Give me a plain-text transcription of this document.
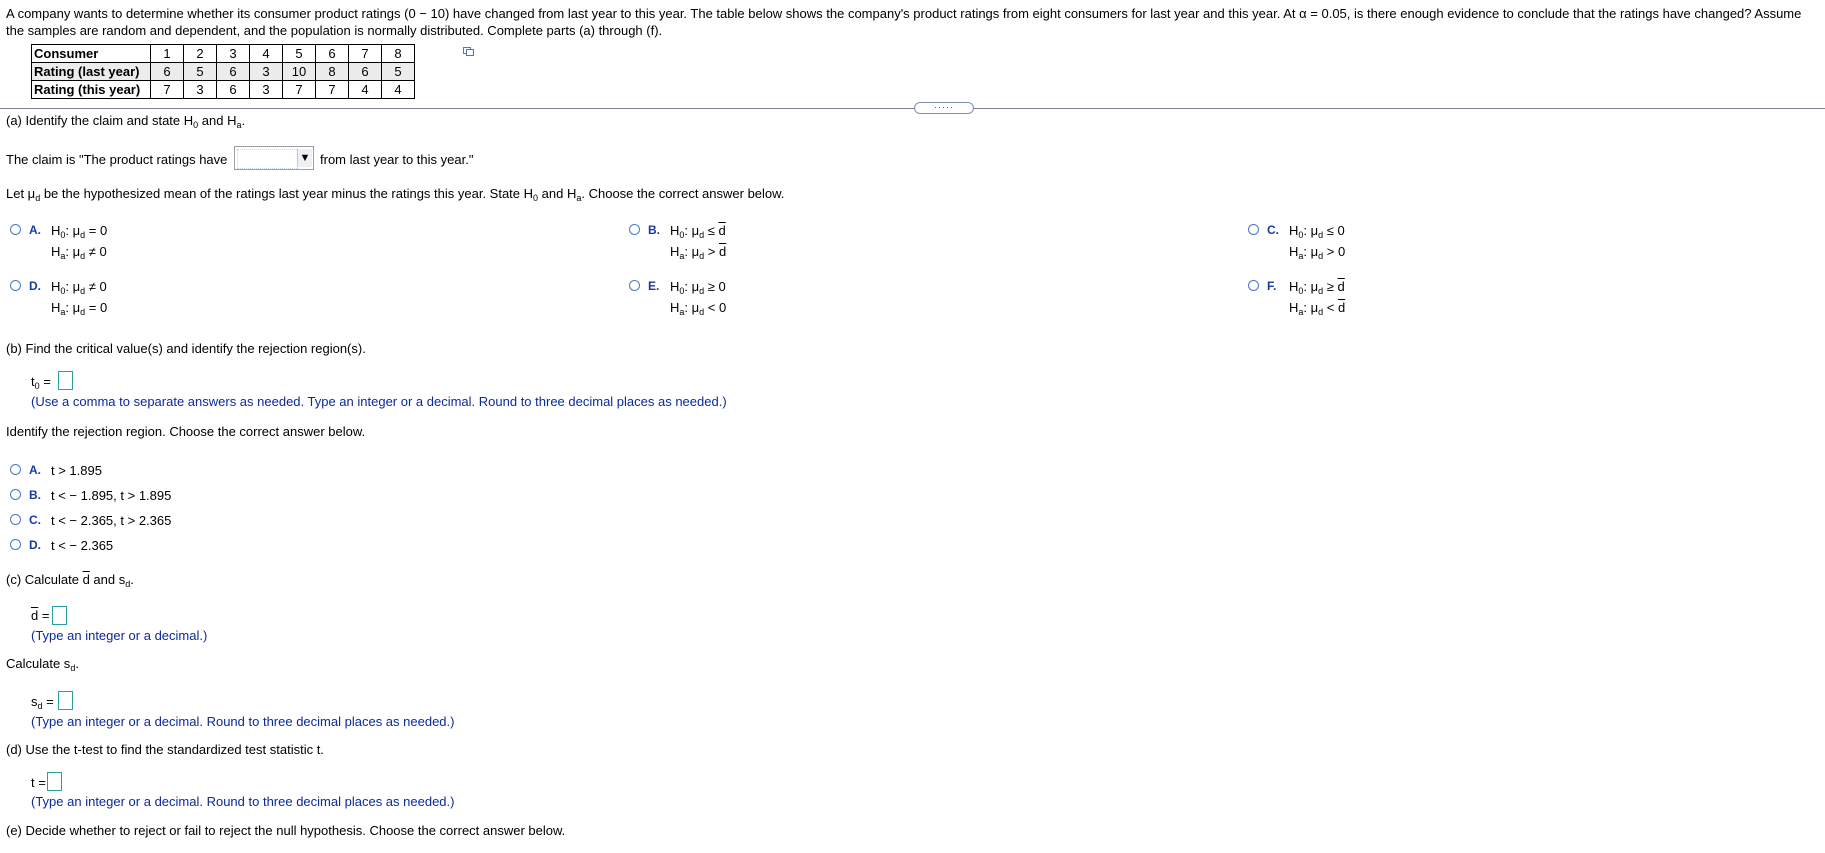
A company wants to determine whether its consumer product ratings (0 − 10) have changed from last year to this year. The table below shows the company's product ratings from eight consumers for last year and this year. At α = 0.05, is there enough evidence to conclude that the ratings have changed? Assume the samples are random and dependent, and the population is normally distributed. Complete parts (a) through (f).
Consumer	1	2	3	4	5	6	7	8
Rating (last year)	6	5	6	3	10	8	6	5
Rating (this year)	7	3	6	3	7	7	4	4
·····
(a) Identify the claim and state $H_0$ and $H_a$.
The claim is "The product ratings have	▼ from last year to this year."
Let $\mu_d$ be the hypothesized mean of the ratings last year minus the ratings this year. State $H_0$ and $H_a$. Choose the correct answer below.
A. $H_0$: $\mu_d = 0$
$H_a$: $\mu_d \ne 0$
B. $H_0$: $\mu_d \le \overline{d}$
$H_a$: $\mu_d > \overline{d}$
C. $H_0$: $\mu_d \le 0$
$H_a$: $\mu_d > 0$
D. $H_0$: $\mu_d \ne 0$
$H_a$: $\mu_d = 0$
E. $H_0$: $\mu_d \ge 0$
$H_a$: $\mu_d < 0$
F. $H_0$: $\mu_d \ge \overline{d}$
$H_a$: $\mu_d < \overline{d}$
(b) Find the critical value(s) and identify the rejection region(s).
$t_0$ =
(Use a comma to separate answers as needed. Type an integer or a decimal. Round to three decimal places as needed.)
Identify the rejection region. Choose the correct answer below.
A. t > 1.895
B. t < − 1.895, t > 1.895
C. t < − 2.365, t > 2.365
D. t < − 2.365
(c) Calculate $\overline{d}$ and $s_d$.
$\overline{d}$ =
(Type an integer or a decimal.)
Calculate $s_d$.
$s_d$ =
(Type an integer or a decimal. Round to three decimal places as needed.)
(d) Use the t-test to find the standardized test statistic t.
t =
(Type an integer or a decimal. Round to three decimal places as needed.)
(e) Decide whether to reject or fail to reject the null hypothesis. Choose the correct answer below.
